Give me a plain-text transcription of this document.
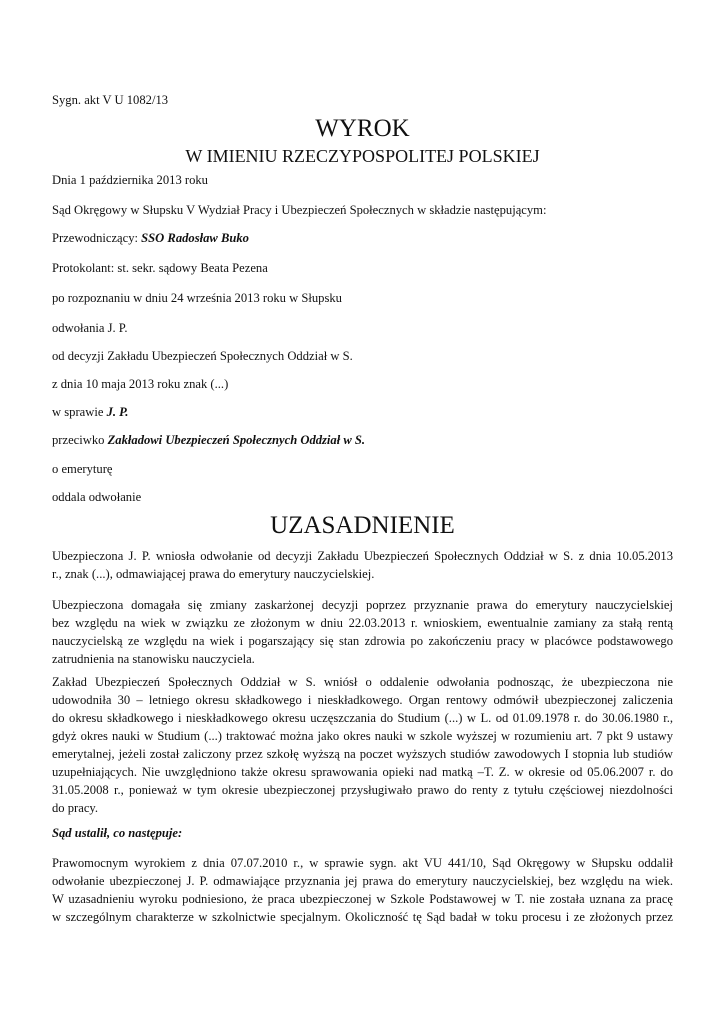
Sygn. akt V U 1082/13
WYROK
W IMIENIU RZECZYPOSPOLITEJ POLSKIEJ
Dnia 1 października 2013 roku
Sąd Okręgowy w Słupsku V Wydział Pracy i Ubezpieczeń Społecznych w składzie następującym:
Przewodniczący: SSO Radosław Buko
Protokolant: st. sekr. sądowy Beata Pezena
po rozpoznaniu w dniu 24 września 2013 roku w Słupsku
odwołania J. P.
od decyzji Zakładu Ubezpieczeń Społecznych Oddział w S.
z dnia 10 maja 2013 roku znak (...)
w sprawie J. P.
przeciwko Zakładowi Ubezpieczeń Społecznych Oddział w S.
o emeryturę
oddala odwołanie
UZASADNIENIE
Ubezpieczona J. P. wniosła odwołanie od decyzji Zakładu Ubezpieczeń Społecznych Oddział w S. z dnia 10.05.2013
r., znak (...), odmawiającej prawa do emerytury nauczycielskiej.
Ubezpieczona domagała się zmiany zaskarżonej decyzji poprzez przyznanie prawa do emerytury nauczycielskiej
bez względu na wiek w związku ze złożonym w dniu 22.03.2013 r. wnioskiem, ewentualnie zamiany za stałą rentą
nauczycielską ze względu na wiek i pogarszający się stan zdrowia po zakończeniu pracy w placówce podstawowego
zatrudnienia na stanowisku nauczyciela.
Zakład Ubezpieczeń Społecznych Oddział w S. wniósł o oddalenie odwołania podnosząc, że ubezpieczona nie
udowodniła 30 – letniego okresu składkowego i nieskładkowego. Organ rentowy odmówił ubezpieczonej zaliczenia
do okresu składkowego i nieskładkowego okresu uczęszczania do Studium (...) w L. od 01.09.1978 r. do 30.06.1980 r.,
gdyż okres nauki w Studium (...) traktować można jako okres nauki w szkole wyższej w rozumieniu art. 7 pkt 9 ustawy
emerytalnej, jeżeli został zaliczony przez szkołę wyższą na poczet wyższych studiów zawodowych I stopnia lub studiów
uzupełniających. Nie uwzględniono także okresu sprawowania opieki nad matką –T. Z. w okresie od 05.06.2007 r. do
31.05.2008 r., ponieważ w tym okresie ubezpieczonej przysługiwało prawo do renty z tytułu częściowej niezdolności
do pracy.
Sąd ustalił, co następuje:
Prawomocnym wyrokiem z dnia 07.07.2010 r., w sprawie sygn. akt VU 441/10, Sąd Okręgowy w Słupsku oddalił
odwołanie ubezpieczonej J. P. odmawiające przyznania jej prawa do emerytury nauczycielskiej, bez względu na wiek.
W uzasadnieniu wyroku podniesiono, że praca ubezpieczonej w Szkole Podstawowej w T. nie została uznana za pracę
w szczególnym charakterze w szkolnictwie specjalnym. Okoliczność tę Sąd badał w toku procesu i ze złożonych przez
